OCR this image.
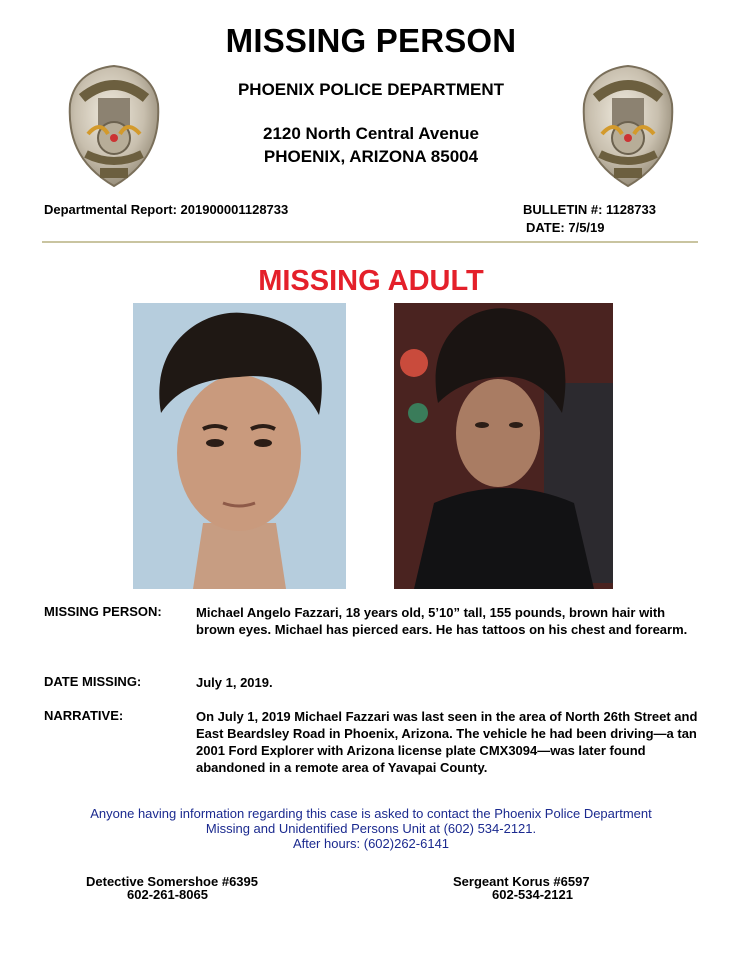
MISSING PERSON
PHOENIX POLICE DEPARTMENT
2120 North Central Avenue
PHOENIX, ARIZONA 85004
Departmental Report: 201900001128733	BULLETIN #: 1128733
DATE: 7/5/19
MISSING ADULT
MISSING PERSON:	Michael Angelo Fazzari, 18 years old, 5’10” tall, 155 pounds, brown hair with brown eyes. Michael has pierced ears. He has tattoos on his chest and forearm.
DATE MISSING:	July 1, 2019.
NARRATIVE:	On July 1, 2019 Michael Fazzari was last seen in the area of North 26th Street and East Beardsley Road in Phoenix, Arizona. The vehicle he had been driving—a tan 2001 Ford Explorer with Arizona license plate CMX3094—was later found abandoned in a remote area of Yavapai County.
Anyone having information regarding this case is asked to contact the Phoenix Police Department
Missing and Unidentified Persons Unit at (602) 534-2121.
After hours: (602)262-6141
Detective Somershoe #6395
602-261-8065
Sergeant Korus #6597
602-534-2121
